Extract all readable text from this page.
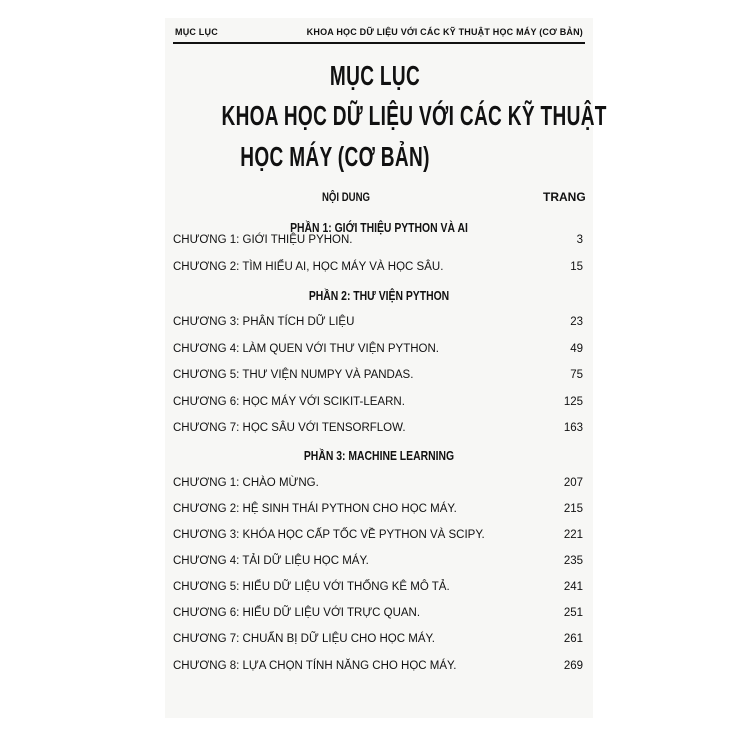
MỤC LỤC	KHOA HỌC DỮ LIỆU VỚI CÁC KỸ THUẬT HỌC MÁY (CƠ BẢN)
MỤC LỤC
KHOA HỌC DỮ LIỆU VỚI CÁC KỸ THUẬT
HỌC MÁY (CƠ BẢN)
NỘI DUNG	TRANG
PHẦN 1: GIỚI THIỆU PYTHON VÀ AI
CHƯƠNG 1: GIỚI THIỆU PYHON.	3
CHƯƠNG 2: TÌM HIỂU AI, HỌC MÁY VÀ HỌC SÂU.	15
PHẦN 2: THƯ VIỆN PYTHON
CHƯƠNG 3: PHÂN TÍCH DỮ LIỆU	23
CHƯƠNG 4: LÀM QUEN VỚI THƯ VIỆN PYTHON.	49
CHƯƠNG 5: THƯ VIỆN NUMPY VÀ PANDAS.	75
CHƯƠNG 6: HỌC MÁY VỚI SCIKIT-LEARN.	125
CHƯƠNG 7: HỌC SÂU VỚI TENSORFLOW.	163
PHẦN 3: MACHINE LEARNING
CHƯƠNG 1: CHÀO MỪNG.	207
CHƯƠNG 2: HỆ SINH THÁI PYTHON CHO HỌC MÁY.	215
CHƯƠNG 3: KHÓA HỌC CẤP TỐC VỀ PYTHON VÀ SCIPY.	221
CHƯƠNG 4: TẢI DỮ LIỆU HỌC MÁY.	235
CHƯƠNG 5: HIỂU DỮ LIỆU VỚI THỐNG KÊ MÔ TẢ.	241
CHƯƠNG 6: HIỂU DỮ LIỆU VỚI TRỰC QUAN.	251
CHƯƠNG 7: CHUẨN BỊ DỮ LIỆU CHO HỌC MÁY.	261
CHƯƠNG 8: LỰA CHỌN TÍNH NĂNG CHO HỌC MÁY.	269
